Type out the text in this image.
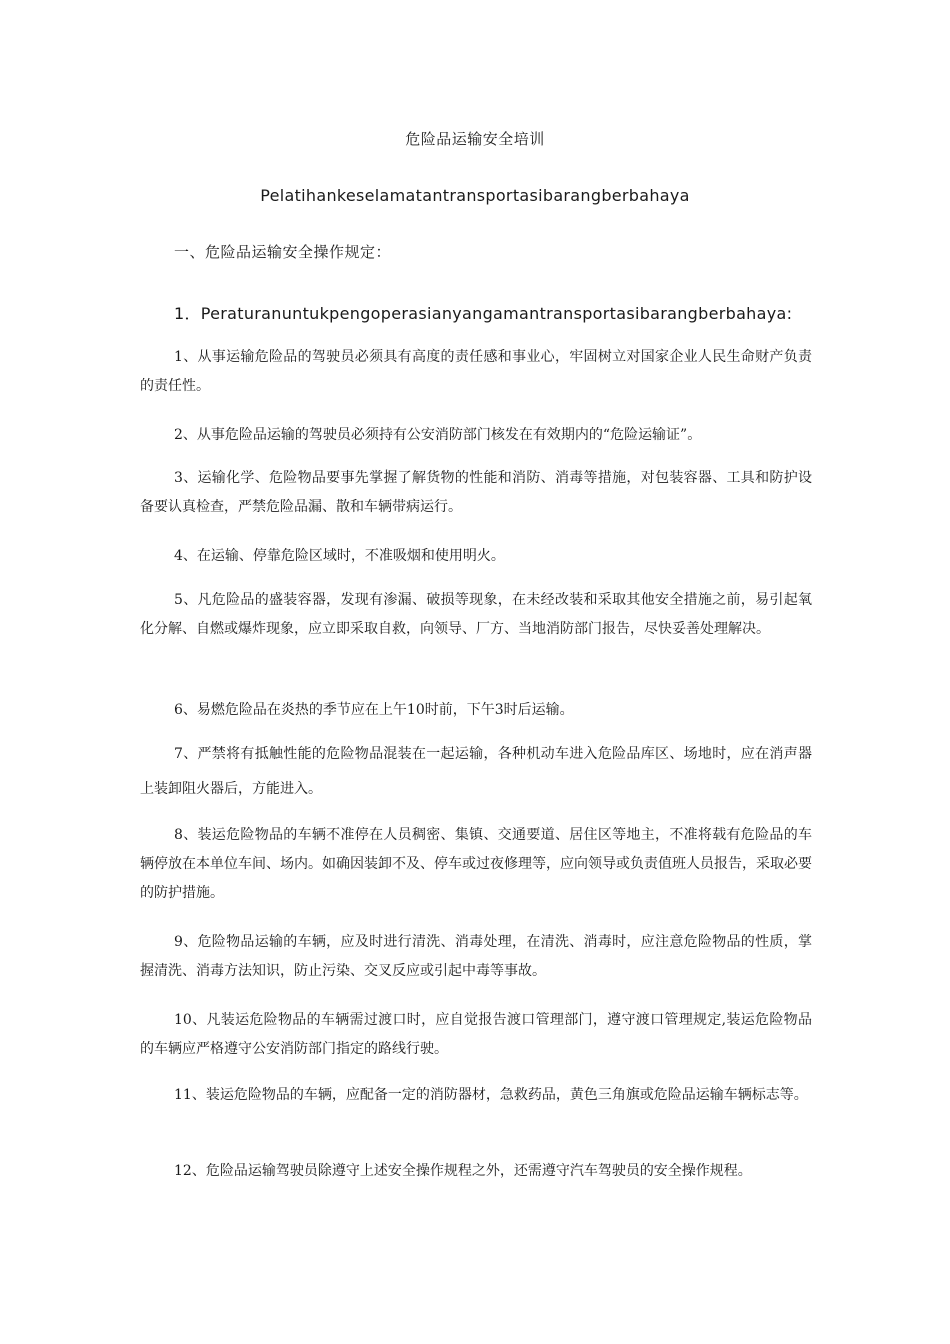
危险品运输安全培训
Pelatihankeselamatantransportasibarangberbahaya
一、危险品运输安全操作规定：
1．Peraturanuntukpengoperasianyangamantransportasibarangberbahaya:

1、从事运输危险品的驾驶员必须具有高度的责任感和事业心，牢固树立对国家企业人民生命财产负责的责任性。

2、从事危险品运输的驾驶员必须持有公安消防部门核发在有效期内的“危险运输证”。

3、运输化学、危险物品要事先掌握了解货物的性能和消防、消毒等措施，对包装容器、工具和防护设备要认真检查，严禁危险品漏、散和车辆带病运行。

4、在运输、停靠危险区域时，不准吸烟和使用明火。

5、凡危险品的盛装容器，发现有渗漏、破损等现象，在未经改装和采取其他安全措施之前，易引起氧化分解、自燃或爆炸现象，应立即采取自救，向领导、厂方、当地消防部门报告，尽快妥善处理解决。

6、易燃危险品在炎热的季节应在上午10时前，下午3时后运输。

7、严禁将有抵触性能的危险物品混装在一起运输，各种机动车进入危险品库区、场地时，应在消声器上装卸阻火器后，方能进入。

8、装运危险物品的车辆不准停在人员稠密、集镇、交通要道、居住区等地主，不准将载有危险品的车辆停放在本单位车间、场内。如确因装卸不及、停车或过夜修理等，应向领导或负责值班人员报告，采取必要的防护措施。

9、危险物品运输的车辆，应及时进行清洗、消毒处理，在清洗、消毒时，应注意危险物品的性质，掌握清洗、消毒方法知识，防止污染、交叉反应或引起中毒等事故。

10、凡装运危险物品的车辆需过渡口时，应自觉报告渡口管理部门，遵守渡口管理规定,装运危险物品的车辆应严格遵守公安消防部门指定的路线行驶。

11、装运危险物品的车辆，应配备一定的消防器材，急救药品，黄色三角旗或危险品运输车辆标志等。

12、危险品运输驾驶员除遵守上述安全操作规程之外，还需遵守汽车驾驶员的安全操作规程。
